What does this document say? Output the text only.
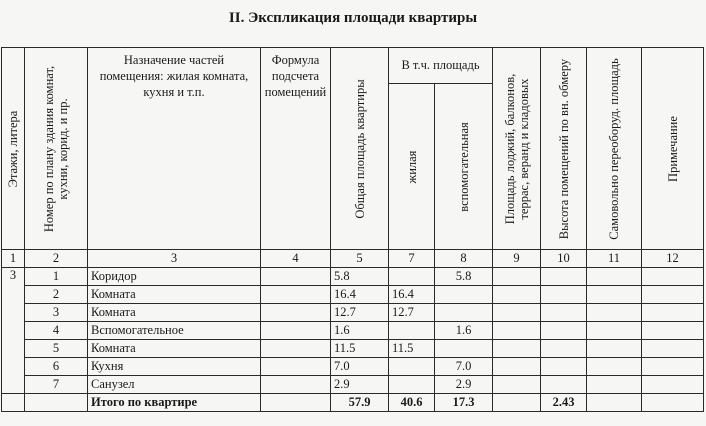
II. Экспликация площади квартиры
Этажи, литера	Номер по плану здания комнат, кухни, корид. и пр.	Назначение частей помещения: жилая комната, кухня и т.п.	Формула подсчета помещений	Общая площадь квартиры	В т.ч. площадь		Площадь лоджий, балконов, террас, веранд и кладовых	Высота помещений по вн. обмеру	Самовольно переоборуд. площадь	Примечание

					жилая	вспомогательная				

1	2	3	4	5	7	8	9	10	11	12
3	1	Коридор		5.8		5.8				
	2	Комната		16.4	16.4					
	3	Комната		12.7	12.7					
	4	Вспомогательное		1.6		1.6				
	5	Комната		11.5	11.5					
	6	Кухня		7.0		7.0				
	7	Санузел		2.9		2.9				
		Итого по квартире		57.9	40.6	17.3		2.43		
